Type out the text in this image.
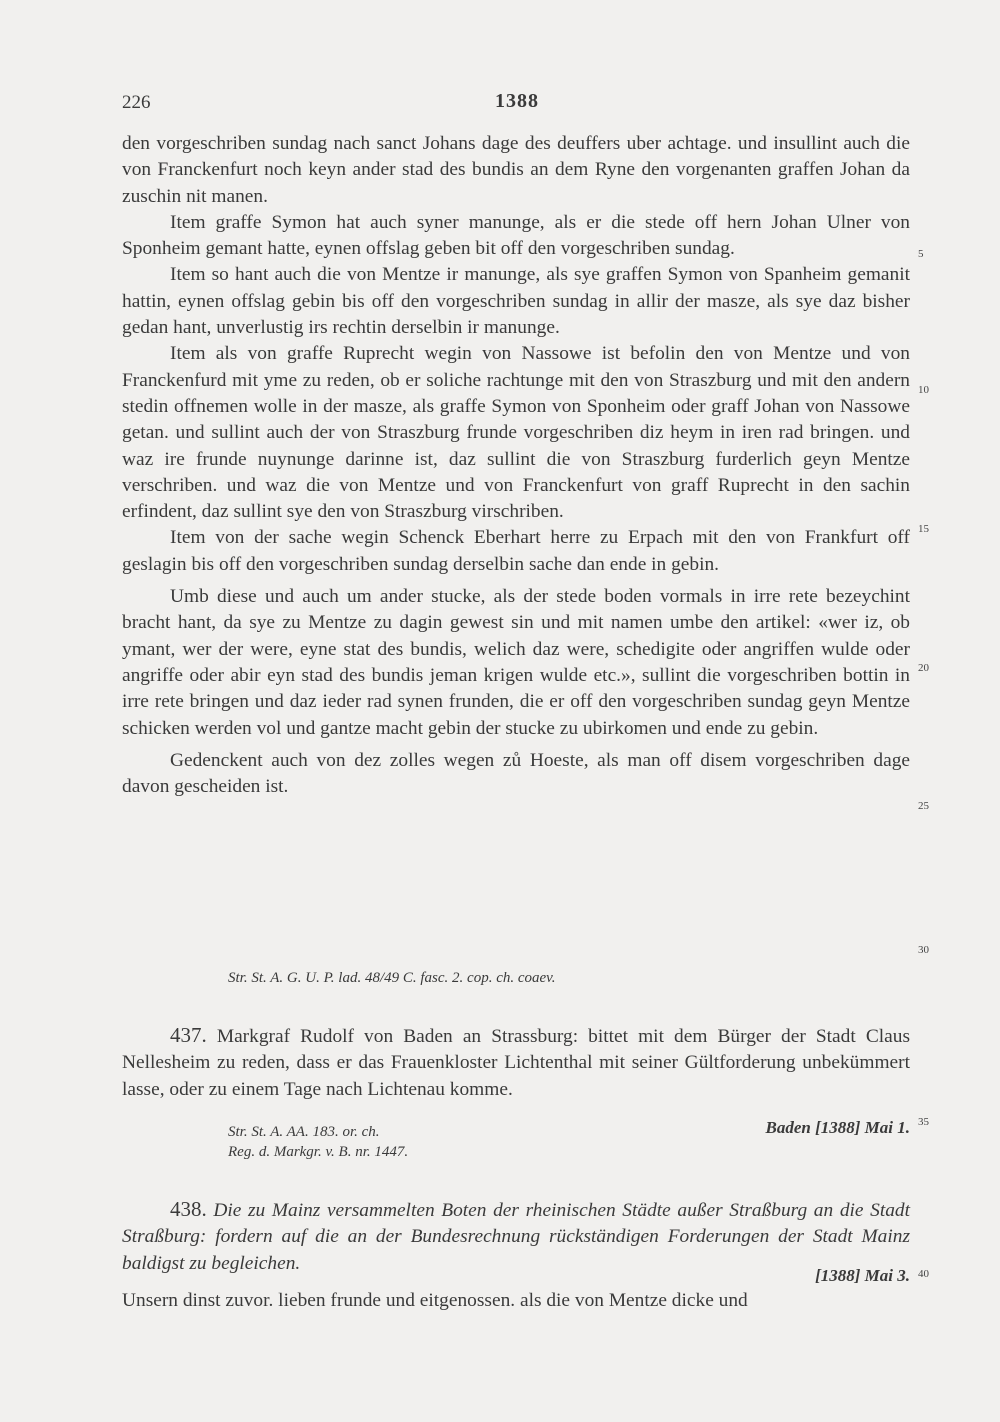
226	1388

den vorgeschriben sundag nach sanct Johans dage des deuffers uber achtage. und insullint auch die von Franckenfurt noch keyn ander stad des bundis an dem Ryne den vorgenanten graffen Johan da zuschin nit manen.

Item graffe Symon hat auch syner manunge, als er die stede off hern Johan Ulner von Sponheim gemant hatte, eynen offslag geben bit off den vorgeschriben sundag.

Item so hant auch die von Mentze ir manunge, als sye graffen Symon von Spanheim gemanit hattin, eynen offslag gebin bis off den vorgeschriben sundag in allir der masze, als sye daz bisher gedan hant, unverlustig irs rechtin derselbin ir manunge.

Item als von graffe Ruprecht wegin von Nassowe ist befolin den von Mentze und von Franckenfurd mit yme zu reden, ob er soliche rachtunge mit den von Straszburg und mit den andern stedin offnemen wolle in der masze, als graffe Symon von Sponheim oder graff Johan von Nassowe getan. und sullint auch der von Straszburg frunde vorgeschriben diz heym in iren rad bringen. und waz ire frunde nuynunge darinne ist, daz sullint die von Straszburg furderlich geyn Mentze verschriben. und waz die von Mentze und von Franckenfurt von graff Ruprecht in den sachin erfindent, daz sullint sye den von Straszburg virschriben.

Item von der sache wegin Schenck Eberhart herre zu Erpach mit den von Frankfurt off geslagin bis off den vorgeschriben sundag derselbin sache dan ende in gebin.

Umb diese und auch um ander stucke, als der stede boden vormals in irre rete bezeychint bracht hant, da sye zu Mentze zu dagin gewest sin und mit namen umbe den artikel: «wer iz, ob ymant, wer der were, eyne stat des bundis, welich daz were, schedigite oder angriffen wulde oder angriffe oder abir eyn stad des bundis jeman krigen wulde etc.», sullint die vorgeschriben bottin in irre rete bringen und daz ieder rad synen frunden, die er off den vorgeschriben sundag geyn Mentze schicken werden vol und gantze macht gebin der stucke zu ubirkomen und ende zu gebin.

Gedenckent auch von dez zolles wegen zů Hoeste, als man off disem vorgeschriben dage davon gescheiden ist.

Str. St. A. G. U. P. lad. 48/49 C. fasc. 2. cop. ch. coaev.

437. Markgraf Rudolf von Baden an Strassburg: bittet mit dem Bürger der Stadt Claus Nellesheim zu reden, dass er das Frauenkloster Lichtenthal mit seiner Gültforderung unbekümmert lasse, oder zu einem Tage nach Lichtenau komme.

Str. St. A. AA. 183. or. ch.
Reg. d. Markgr. v. B. nr. 1447.
Baden [1388] Mai 1.

438. Die zu Mainz versammelten Boten der rheinischen Städte außer Straßburg an die Stadt Straßburg: fordern auf die an der Bundesrechnung rückständigen Forderungen der Stadt Mainz baldigst zu begleichen.

[1388] Mai 3.

Unsern dinst zuvor. lieben frunde und eitgenossen. als die von Mentze dicke und

5
10
15
20
25
30
35
40
